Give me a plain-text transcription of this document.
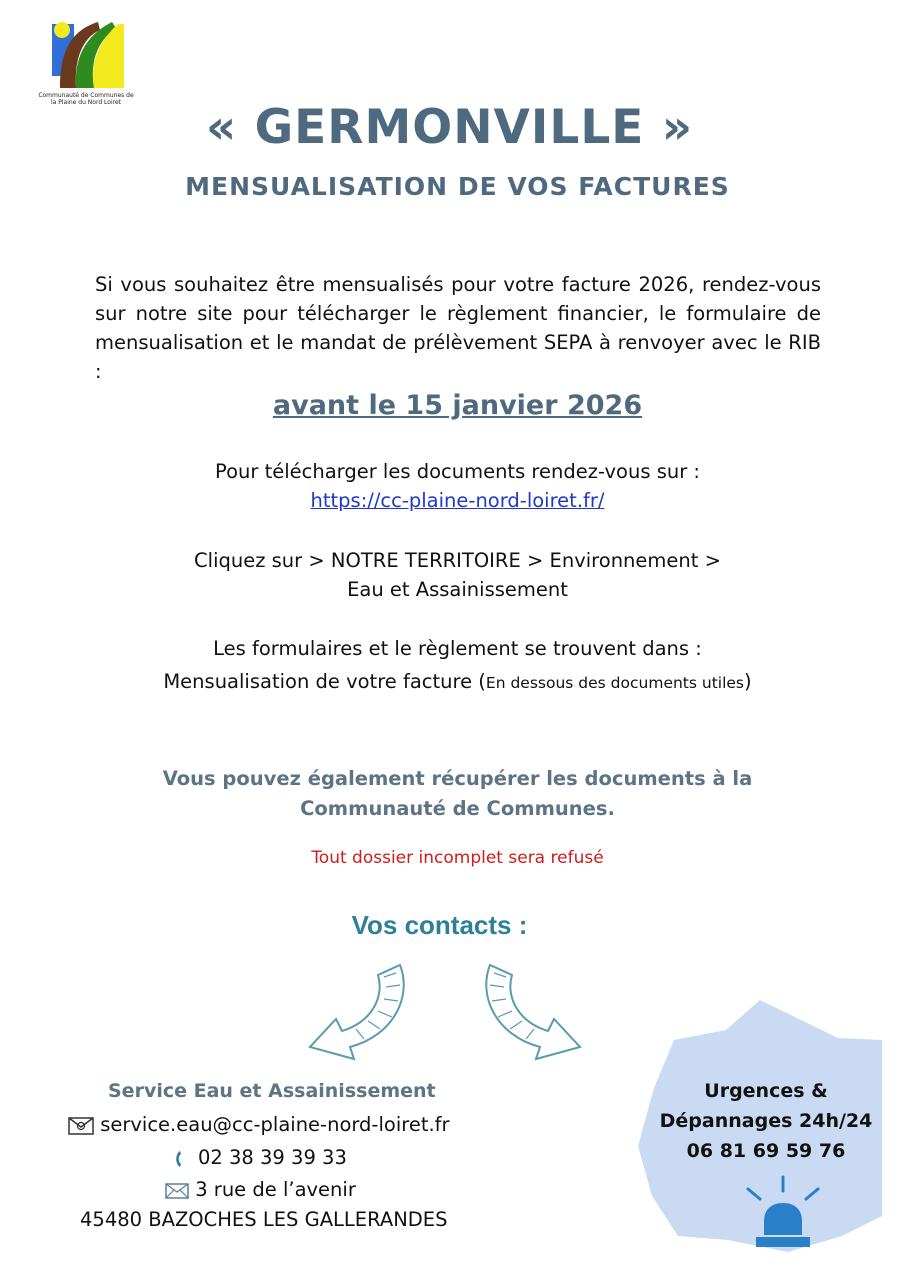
Communauté de Communes de
la Plaine du Nord Loiret	« GERMONVILLE »
MENSUALISATION DE VOS FACTURES

Si vous souhaitez être mensualisés pour votre facture 2026, rendez-vous

sur notre site pour télécharger le règlement financier, le formulaire de

mensualisation et le mandat de prélèvement SEPA à renvoyer avec le RIB :

avant le 15 janvier 2026
Pour télécharger les documents rendez-vous sur :
https://cc-plaine-nord-loiret.fr/
Cliquez sur > NOTRE TERRITOIRE > Environnement >
Eau et Assainissement
Les formulaires et le règlement se trouvent dans :
Mensualisation de votre facture (En dessous des documents utiles)
Vous pouvez également récupérer les documents à la
Communauté de Communes.
Tout dossier incomplet sera refusé
Vos contacts :
Service Eau et Assainissement
service.eau@cc-plaine-nord-loiret.fr
02 38 39 39 33
3 rue de l’avenir
45480 BAZOCHES LES GALLERANDES
Urgences &
Dépannages 24h/24
06 81 69 59 76
